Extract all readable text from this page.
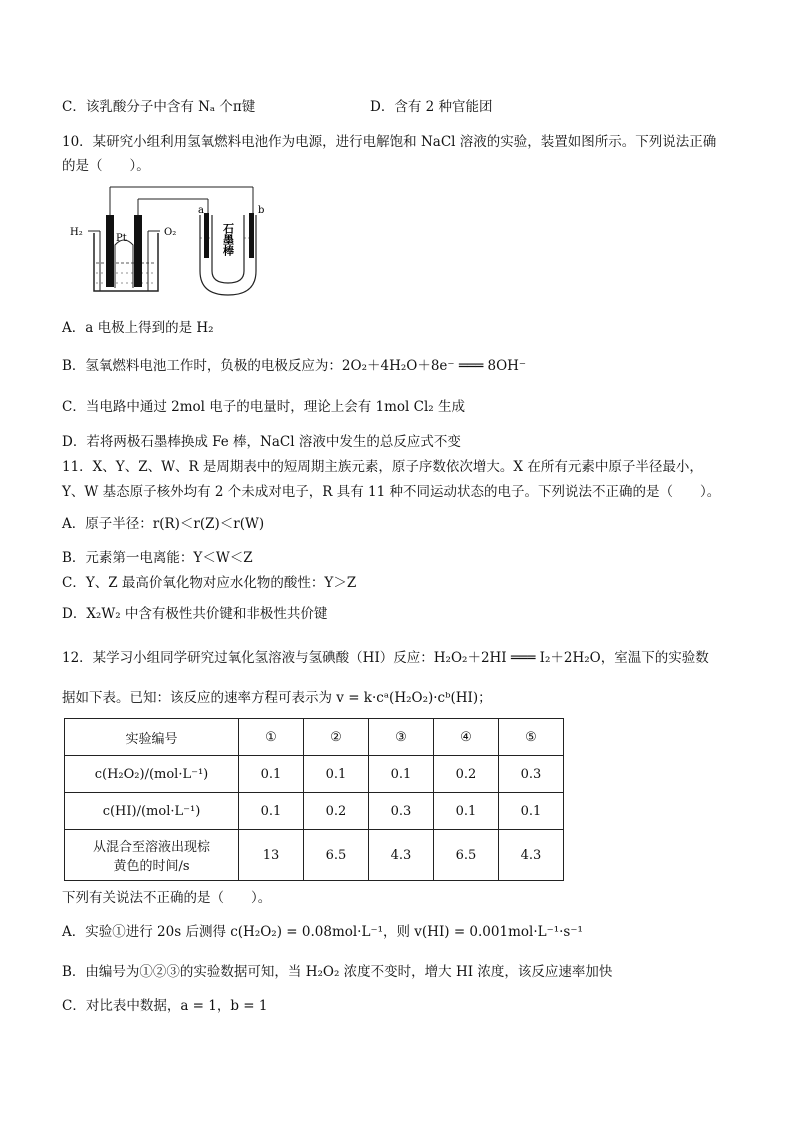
C．该乳酸分子中含有 Nₐ 个π键	D．含有 2 种官能团
10．某研究小组利用氢氧燃料电池作为电源，进行电解饱和 NaCl 溶液的实验，装置如图所示。下列说法正确
的是（　　）。
H₂	O₂
Pt
a	b
石墨棒
A．a 电极上得到的是 H₂
B．氢氧燃料电池工作时，负极的电极反应为：2O₂＋4H₂O＋8e⁻ ═══ 8OH⁻
C．当电路中通过 2mol 电子的电量时，理论上会有 1mol Cl₂ 生成
D．若将两极石墨棒换成 Fe 棒，NaCl 溶液中发生的总反应式不变
11．X、Y、Z、W、R 是周期表中的短周期主族元素，原子序数依次增大。X 在所有元素中原子半径最小，
Y、W 基态原子核外均有 2 个未成对电子，R 具有 11 种不同运动状态的电子。下列说法不正确的是（　　）。
A．原子半径：r(R)＜r(Z)＜r(W)
B．元素第一电离能：Y＜W＜Z
C．Y、Z 最高价氧化物对应水化物的酸性：Y＞Z
D．X₂W₂ 中含有极性共价键和非极性共价键
12．某学习小组同学研究过氧化氢溶液与氢碘酸（HI）反应：H₂O₂＋2HI ═══ I₂＋2H₂O，室温下的实验数
据如下表。已知：该反应的速率方程可表示为 v = k·cᵃ(H₂O₂)·cᵇ(HI)；
实验编号	①	②	③	④	⑤
c(H₂O₂)/(mol·L⁻¹)	0.1	0.1	0.1	0.2	0.3
c(HI)/(mol·L⁻¹)	0.1	0.2	0.3	0.1	0.1

从混合至溶液出现棕
黄色的时间/s	13	6.5	4.3	6.5	4.3
下列有关说法不正确的是（　　）。
A．实验①进行 20s 后测得 c(H₂O₂) = 0.08mol·L⁻¹，则 v(HI) = 0.001mol·L⁻¹·s⁻¹
B．由编号为①②③的实验数据可知，当 H₂O₂ 浓度不变时，增大 HI 浓度，该反应速率加快
C．对比表中数据，a = 1，b = 1
